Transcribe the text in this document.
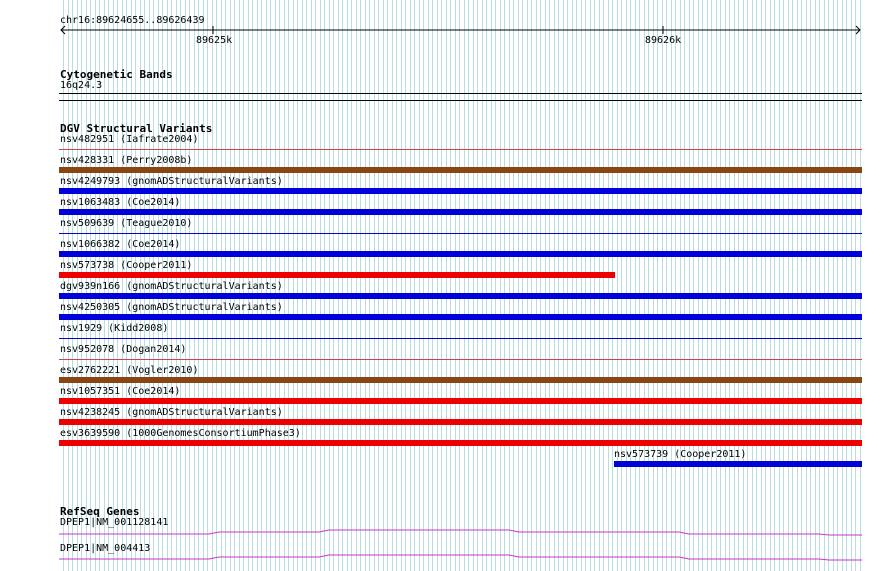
chr16:89624655..89626439
89625k	89626k
Cytogenetic Bands
16q24.3
DGV Structural Variants
nsv482951 (Iafrate2004)
nsv428331 (Perry2008b)
nsv4249793 (gnomADStructuralVariants)
nsv1063483 (Coe2014)
nsv509639 (Teague2010)
nsv1066382 (Coe2014)
nsv573738 (Cooper2011)
dgv939n166 (gnomADStructuralVariants)
nsv4250305 (gnomADStructuralVariants)
nsv1929 (Kidd2008)
nsv952078 (Dogan2014)
esv2762221 (Vogler2010)
nsv1057351 (Coe2014)
nsv4238245 (gnomADStructuralVariants)
esv3639590 (1000GenomesConsortiumPhase3)
nsv573739 (Cooper2011)
RefSeq Genes
DPEP1|NM_001128141
DPEP1|NM_004413
